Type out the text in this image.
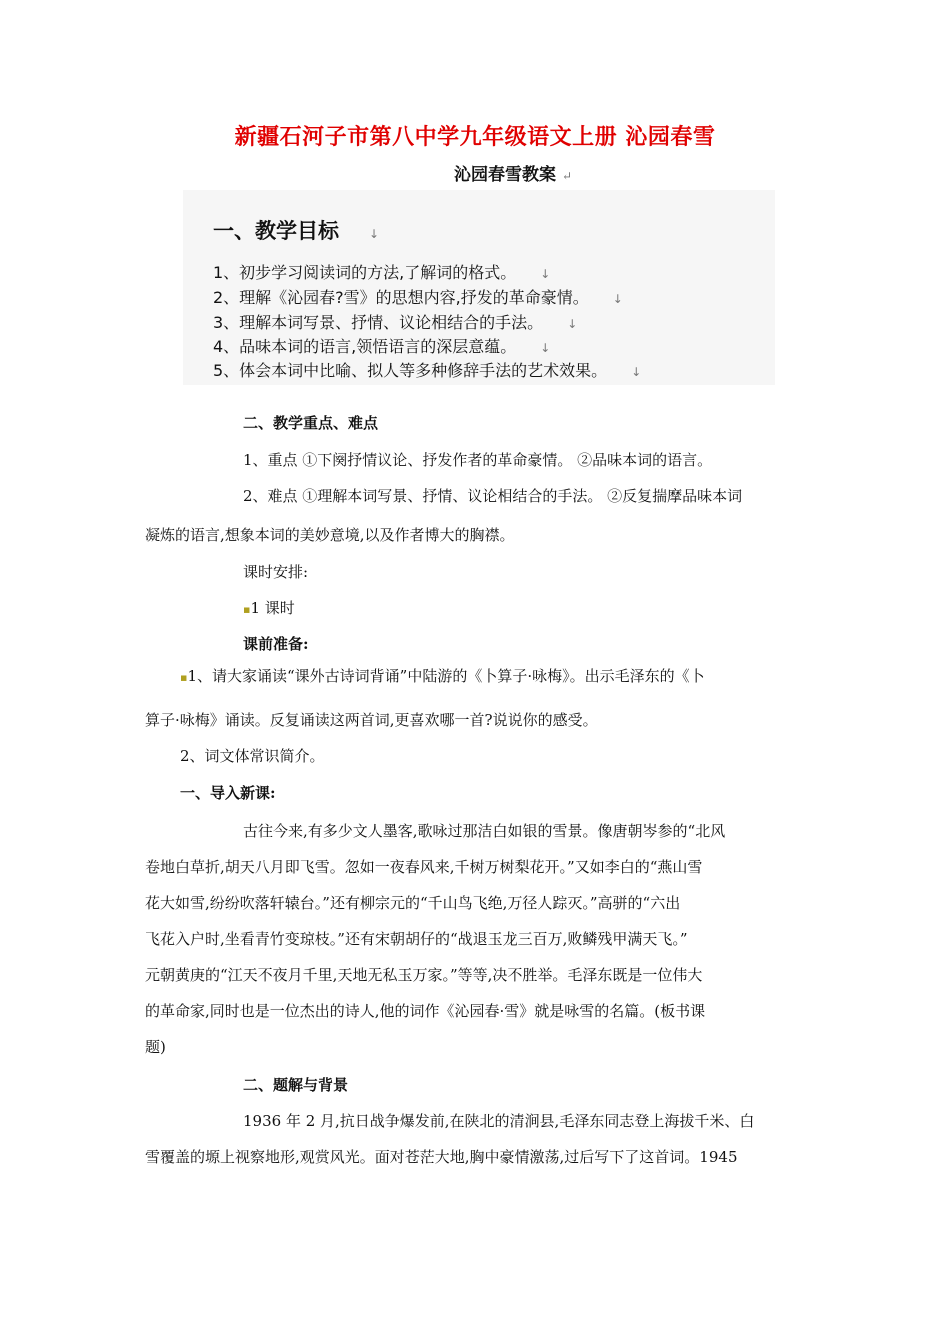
新疆石河子市第八中学九年级语文上册 沁园春雪
沁园春雪教案 ↵
一、教学目标	↓
1、初步学习阅读词的方法,了解词的格式。 ↓
2、理解《沁园春?雪》的思想内容,抒发的革命豪情。 ↓
3、理解本词写景、抒情、议论相结合的手法。 ↓
4、品味本词的语言,领悟语言的深层意蕴。 ↓
5、体会本词中比喻、拟人等多种修辞手法的艺术效果。 ↓
二、教学重点、难点
1、重点 ①下阕抒情议论、抒发作者的革命豪情。 ②品味本词的语言。
2、难点 ①理解本词写景、抒情、议论相结合的手法。 ②反复揣摩品味本词
凝炼的语言,想象本词的美妙意境,以及作者博大的胸襟。
课时安排:
▪1 课时
课前准备:
▪1、请大家诵读“课外古诗词背诵”中陆游的《卜算子·咏梅》。出示毛泽东的《卜
算子·咏梅》诵读。反复诵读这两首词,更喜欢哪一首?说说你的感受。
2、词文体常识简介。
一、导入新课:
古往今来,有多少文人墨客,歌咏过那洁白如银的雪景。像唐朝岑参的“北风
卷地白草折,胡天八月即飞雪。忽如一夜春风来,千树万树梨花开。”又如李白的“燕山雪
花大如雪,纷纷吹落轩辕台。”还有柳宗元的“千山鸟飞绝,万径人踪灭。”高骈的“六出
飞花入户时,坐看青竹变琼枝。”还有宋朝胡仔的“战退玉龙三百万,败鳞残甲满天飞。”
元朝黄庚的“江天不夜月千里,天地无私玉万家。”等等,决不胜举。毛泽东既是一位伟大
的革命家,同时也是一位杰出的诗人,他的词作《沁园春·雪》就是咏雪的名篇。(板书课
题)
二、题解与背景
1936 年 2 月,抗日战争爆发前,在陕北的清涧县,毛泽东同志登上海拔千米、白
雪覆盖的塬上视察地形,观赏风光。面对苍茫大地,胸中豪情激荡,过后写下了这首词。1945
